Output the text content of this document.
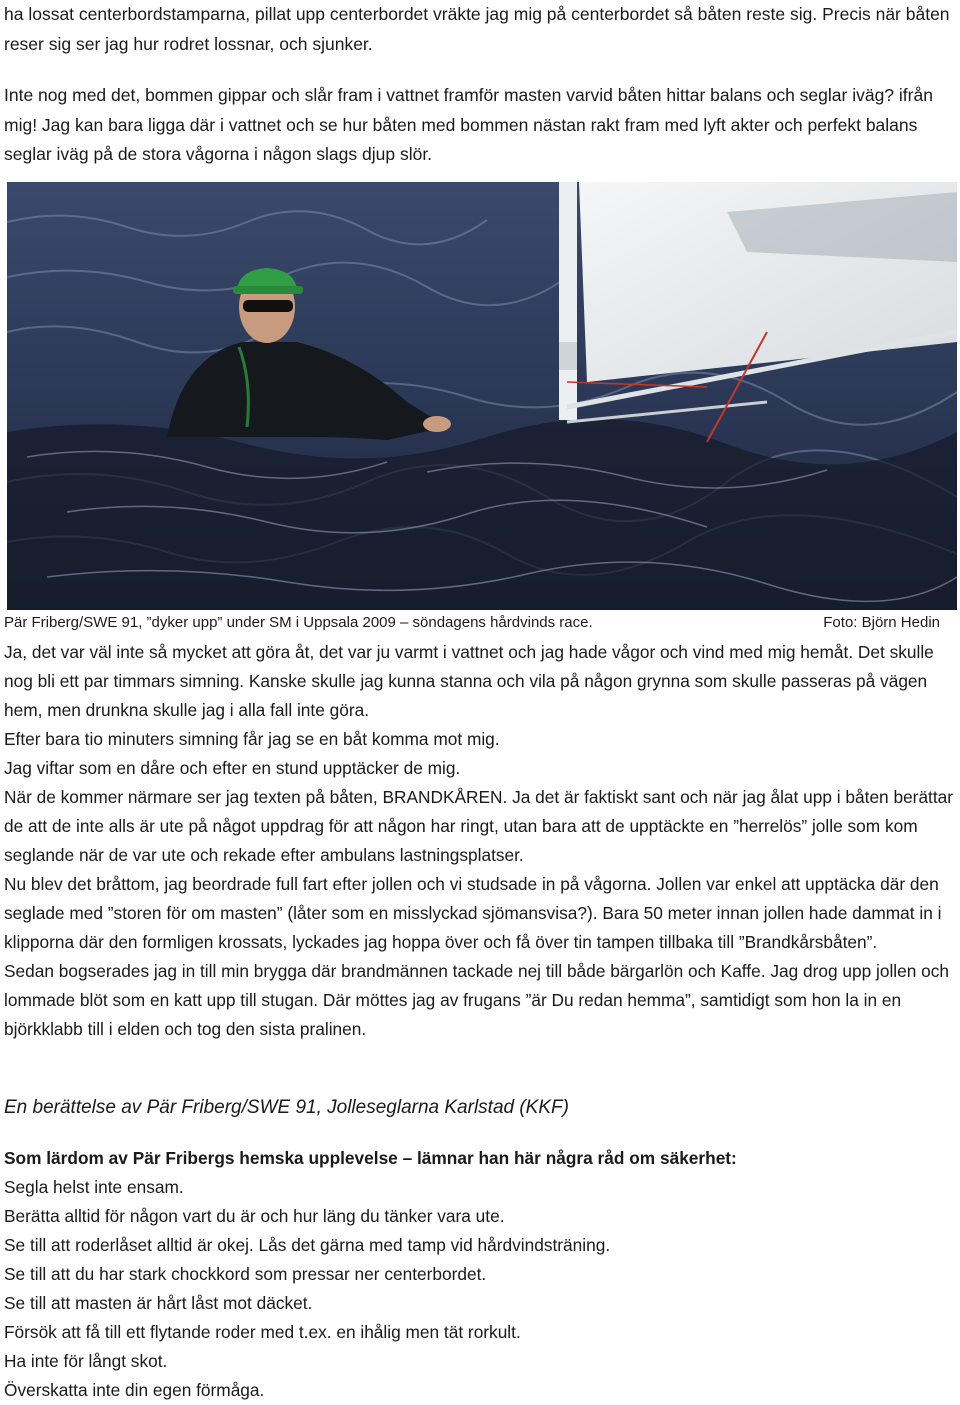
ha lossat centerbordstamparna, pillat upp centerbordet vräkte jag mig på centerbordet så båten reste sig. Precis när båten reser sig ser jag hur rodret lossnar, och sjunker.

Inte nog med det, bommen gippar och slår fram i vattnet framför masten varvid båten hittar balans och seglar iväg? ifrån mig! Jag kan bara ligga där i vattnet och se hur båten med bommen nästan rakt fram med lyft akter och perfekt balans seglar iväg på de stora vågorna i någon slags djup slör.

Pär Friberg/SWE 91, ”dyker upp” under SM i Uppsala 2009 – söndagens hårdvinds race.	Foto: Björn Hedin

Ja, det var väl inte så mycket att göra åt, det var ju varmt i vattnet och jag hade vågor och vind med mig hemåt. Det skulle nog bli ett par timmars simning. Kanske skulle jag kunna stanna och vila på någon grynna som skulle passeras på vägen hem, men drunkna skulle jag i alla fall inte göra.

Efter bara tio minuters simning får jag se en båt komma mot mig.

Jag viftar som en dåre och efter en stund upptäcker de mig.

När de kommer närmare ser jag texten på båten, BRANDKÅREN. Ja det är faktiskt sant och när jag ålat upp i båten berättar de att de inte alls är ute på något uppdrag för att någon har ringt, utan bara att de upptäckte en ”herrelös” jolle som kom seglande när de var ute och rekade efter ambulans lastningsplatser.

Nu blev det bråttom, jag beordrade full fart efter jollen och vi studsade in på vågorna. Jollen var enkel att upptäcka där den seglade med ”storen för om masten” (låter som en misslyckad sjömansvisa?). Bara 50 meter innan jollen hade dammat in i klipporna där den formligen krossats, lyckades jag hoppa över och få över tin tampen tillbaka till ”Brandkårsbåten”.

Sedan bogserades jag in till min brygga där brandmännen tackade nej till både bärgarlön och Kaffe. Jag drog upp jollen och lommade blöt som en katt upp till stugan. Där möttes jag av frugans ”är Du redan hemma”, samtidigt som hon la in en björkklabb till i elden och tog den sista pralinen.

En berättelse av Pär Friberg/SWE 91, Jolleseglarna Karlstad (KKF)

Som lärdom av Pär Fribergs hemska upplevelse – lämnar han här några råd om säkerhet:
Segla helst inte ensam.
Berätta alltid för någon vart du är och hur läng du tänker vara ute.
Se till att roderlåset alltid är okej. Lås det gärna med tamp vid hårdvindsträning.
Se till att du har stark chockkord som pressar ner centerbordet.
Se till att masten är hårt låst mot däcket.
Försök att få till ett flytande roder med t.ex. en ihålig men tät rorkult.
Ha inte för långt skot.
Överskatta inte din egen förmåga.
